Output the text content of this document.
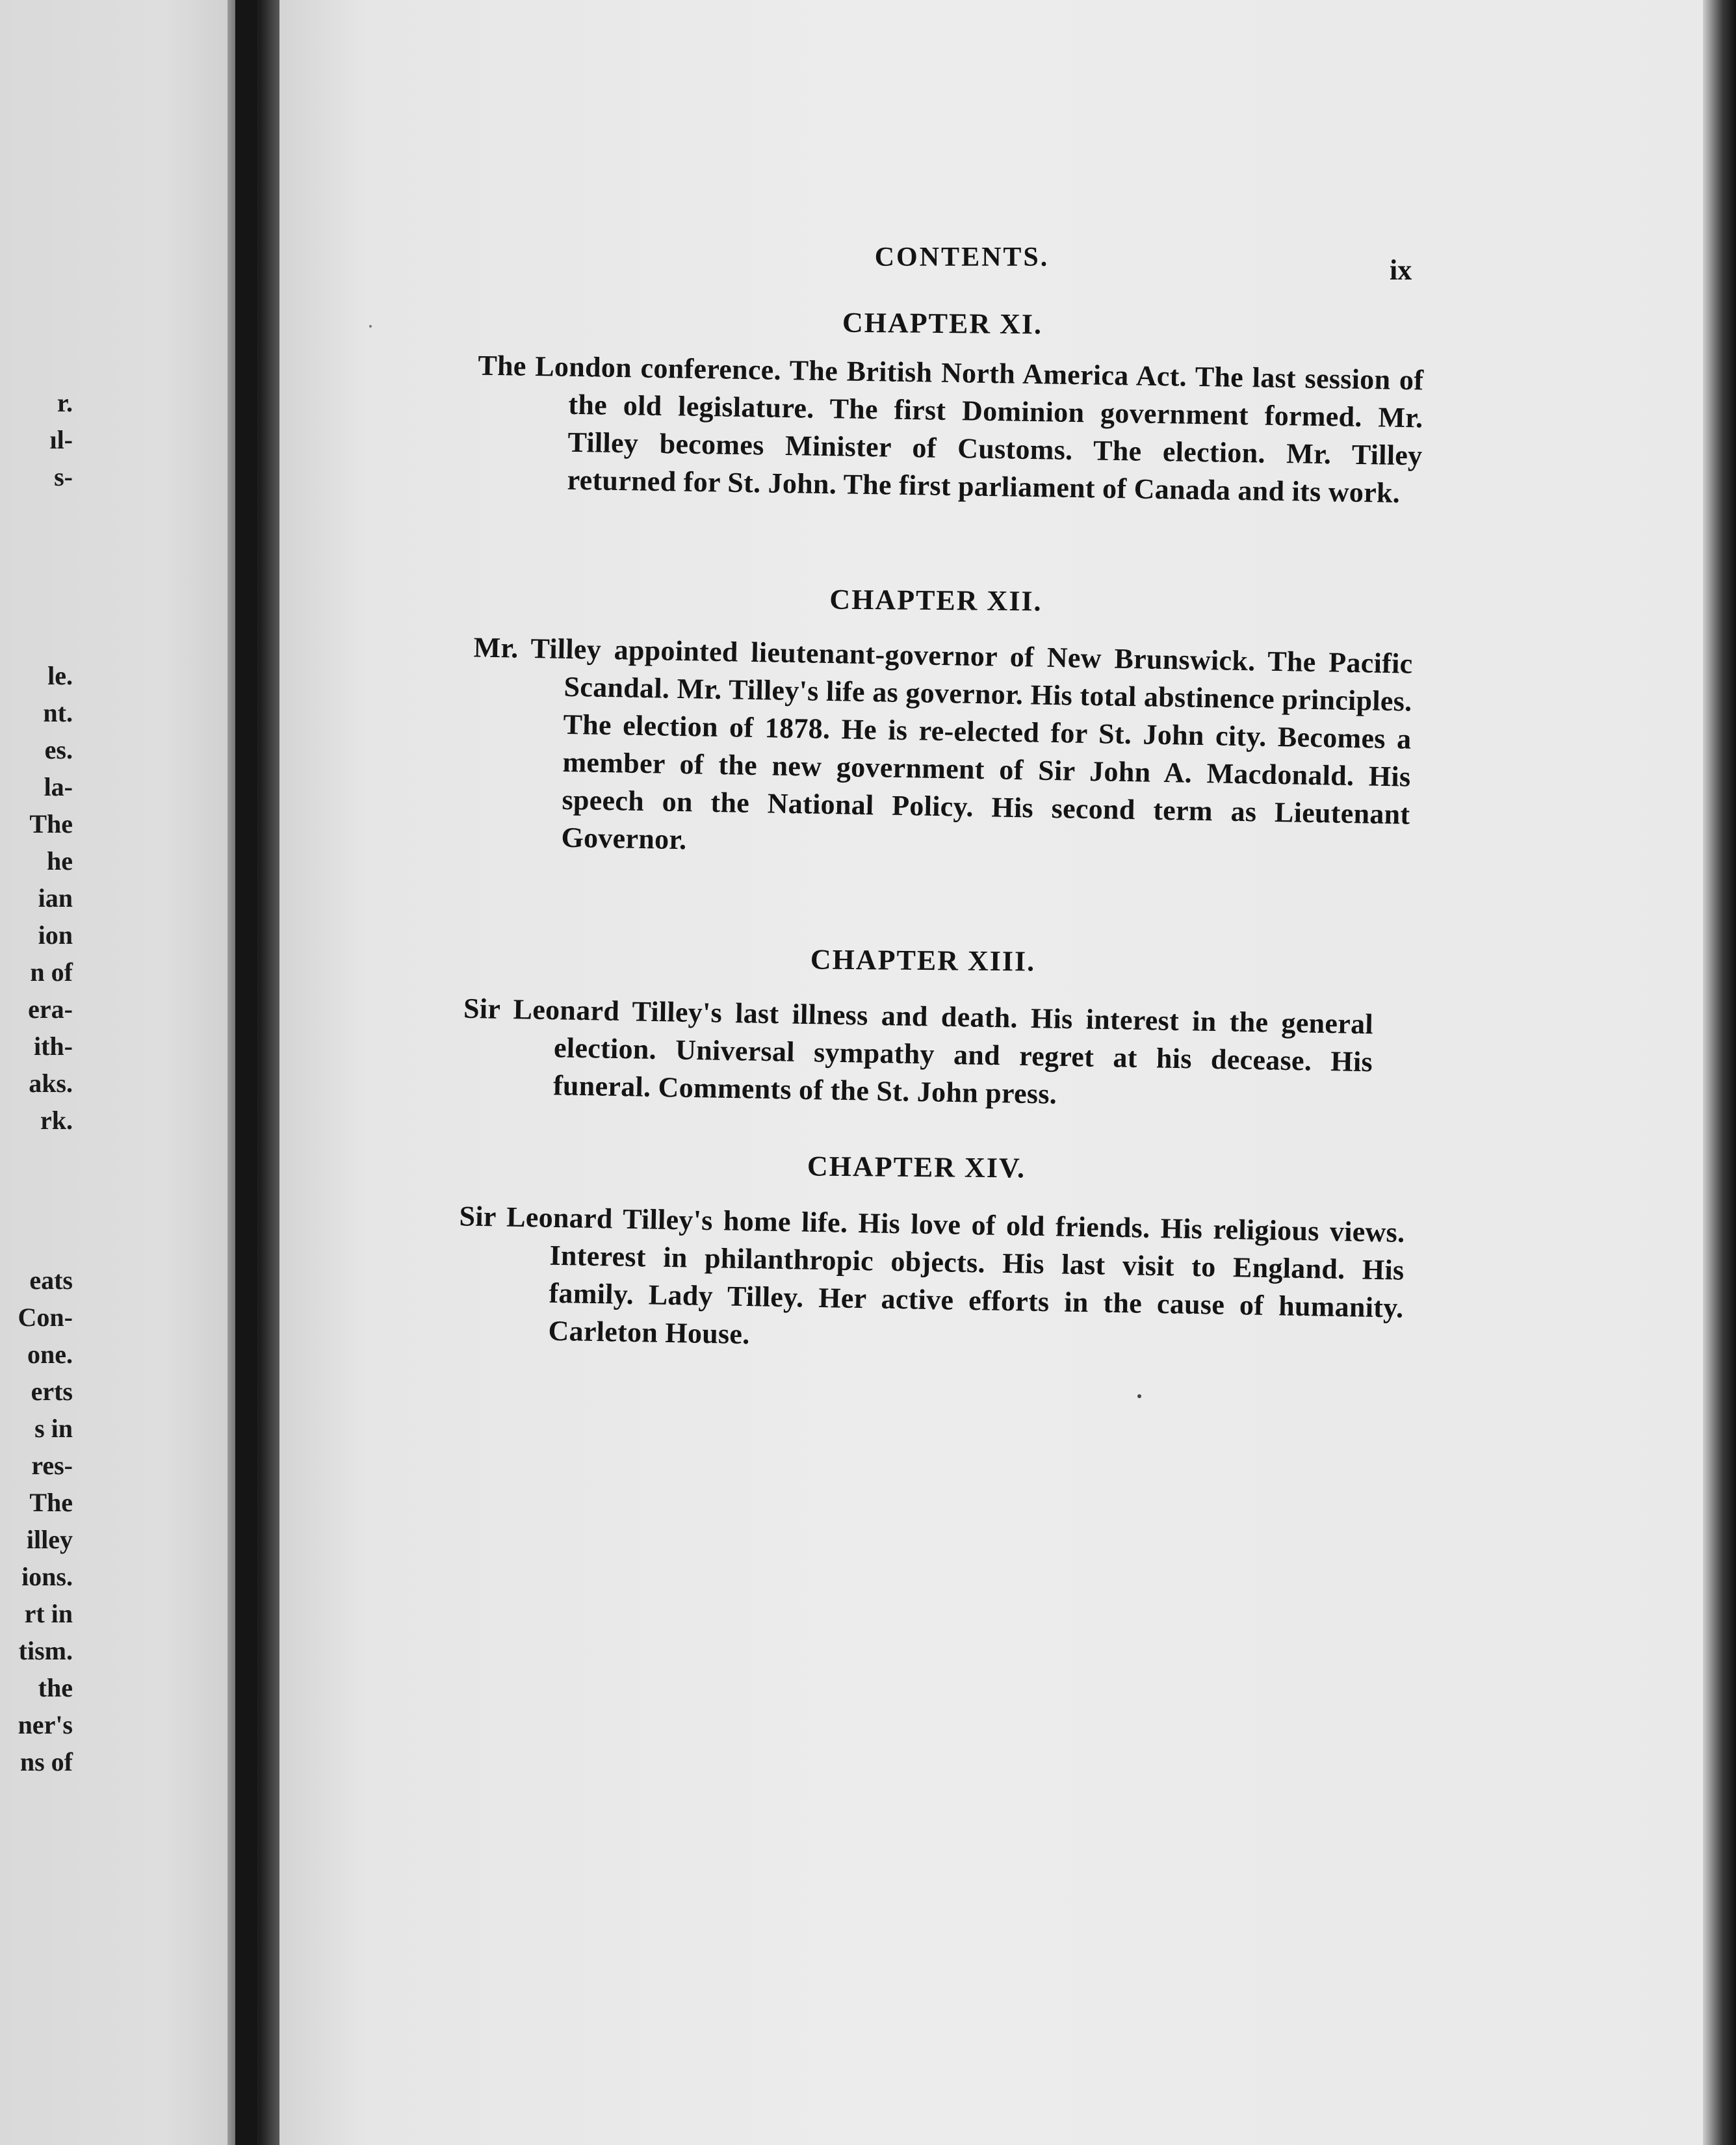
r.
ıl-
s-
le.
nt.
es.
la-
The
he
ian
ion
n of
era-
ith-
aks.
rk.
eats
Con-
one.
erts
s in
res-
The
illey
ions.
rt in
tism.
the
ner's
ns of
CONTENTS.	ix
CHAPTER XI.
The London conference. The British North America Act. The last session of the old legislature. The first Dominion government formed. Mr. Tilley becomes Minister of Customs. The election. Mr. Tilley returned for St. John. The first parliament of Canada and its work.
CHAPTER XII.
Mr. Tilley appointed lieutenant-governor of New Brunswick. The Pacific Scandal. Mr. Tilley's life as governor. His total abstinence principles. The election of 1878. He is re-elected for St. John city. Becomes a member of the new government of Sir John A. Macdonald. His speech on the National Policy. His second term as Lieutenant Governor.
CHAPTER XIII.
Sir Leonard Tilley's last illness and death. His interest in the general election. Universal sympathy and regret at his decease. His funeral. Comments of the St. John press.
CHAPTER XIV.
Sir Leonard Tilley's home life. His love of old friends. His religious views. Interest in philanthropic objects. His last visit to England. His family. Lady Tilley. Her active efforts in the cause of humanity. Carleton House.
